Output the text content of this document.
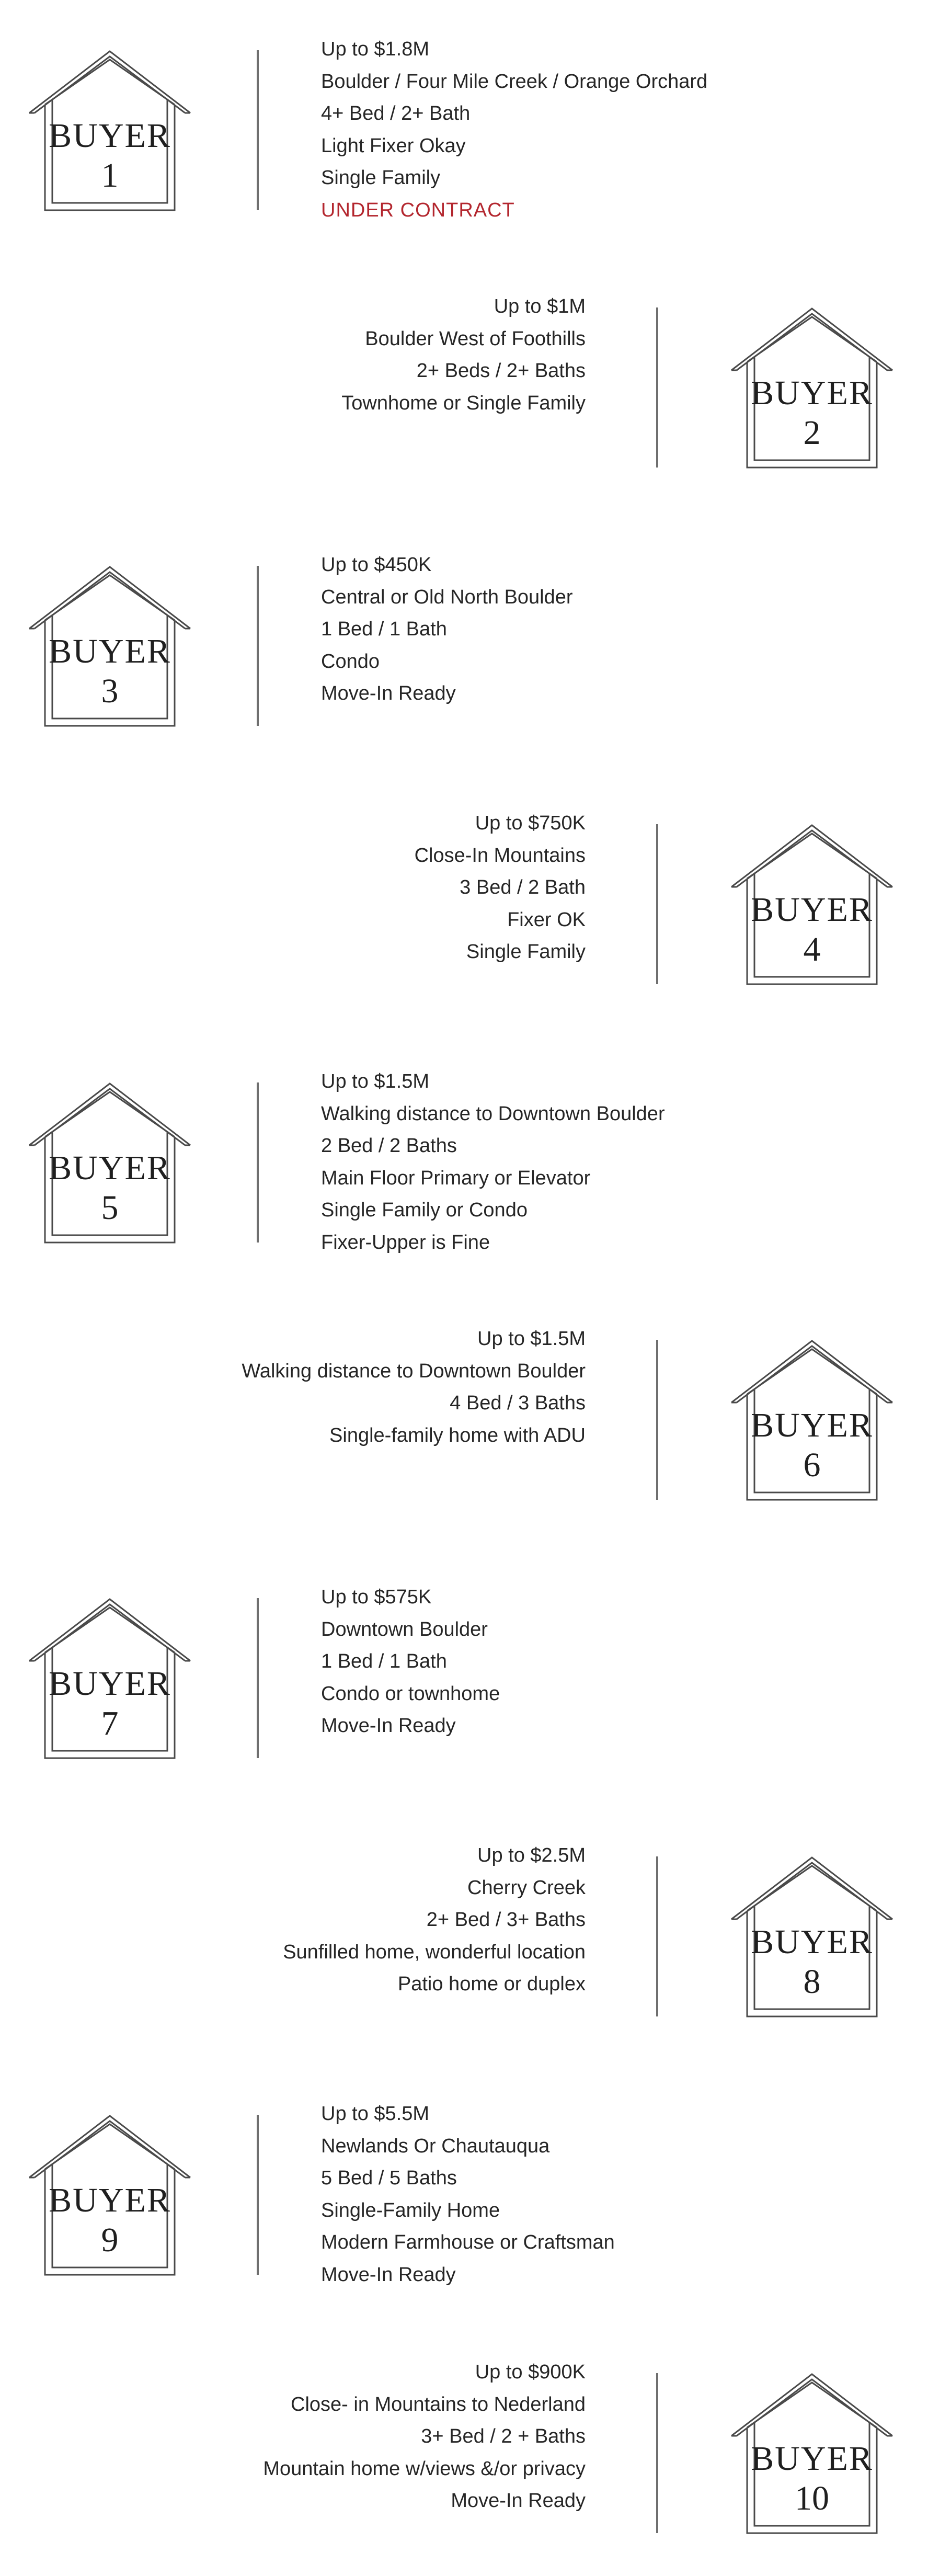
BUYER
1
Up to $1.8M
Boulder / Four Mile Creek / Orange Orchard
4+ Bed / 2+ Bath
Light Fixer Okay
Single Family
UNDER CONTRACT
BUYER
2
Up to $1M
Boulder West of Foothills
2+ Beds / 2+ Baths
Townhome or Single Family
BUYER
3
Up to $450K
Central or Old North Boulder
1 Bed / 1 Bath
Condo
Move-In Ready
BUYER
4
Up to $750K
Close-In Mountains
3 Bed / 2 Bath
Fixer OK
Single Family
BUYER
5
Up to $1.5M
Walking distance to Downtown Boulder
2 Bed / 2 Baths
Main Floor Primary or Elevator
Single Family or Condo
Fixer-Upper is Fine
BUYER
6
Up to $1.5M
Walking distance to Downtown Boulder
4 Bed / 3 Baths
Single-family home with ADU
BUYER
7
Up to $575K
Downtown Boulder
1 Bed / 1 Bath
Condo or townhome
Move-In Ready
BUYER
8
Up to $2.5M
Cherry Creek
2+ Bed / 3+ Baths
Sunfilled home, wonderful location
Patio home or duplex
BUYER
9
Up to $5.5M
Newlands Or Chautauqua
5 Bed / 5 Baths
Single-Family Home
Modern Farmhouse or Craftsman
Move-In Ready
BUYER
10
Up to $900K
Close- in Mountains to Nederland
3+ Bed / 2 + Baths
Mountain home w/views &/or privacy
Move-In Ready
